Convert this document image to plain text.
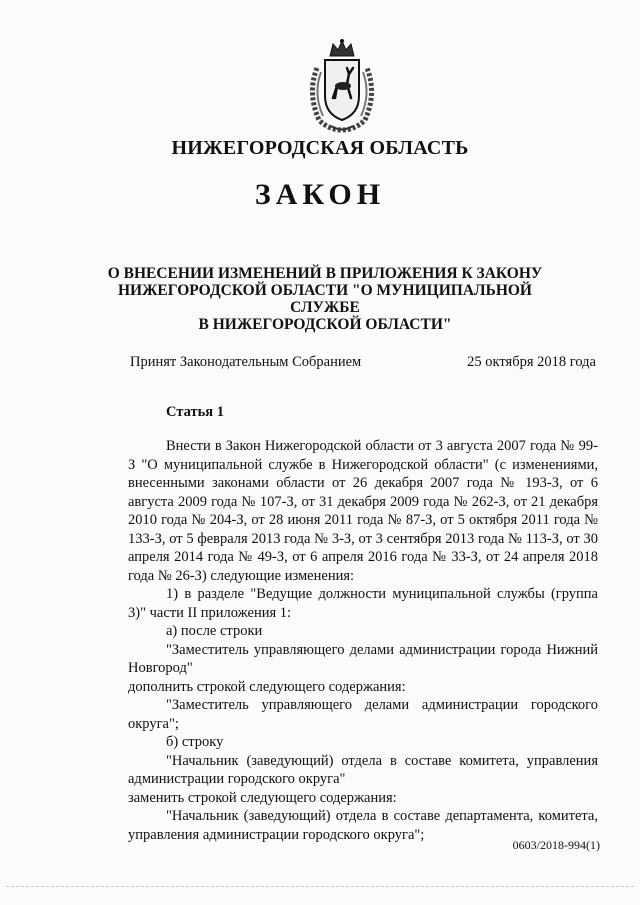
НИЖЕГОРОДСКАЯ ОБЛАСТЬ
ЗАКОН
О ВНЕСЕНИИ ИЗМЕНЕНИЙ В ПРИЛОЖЕНИЯ К ЗАКОНУ
НИЖЕГОРОДСКОЙ ОБЛАСТИ "О МУНИЦИПАЛЬНОЙ СЛУЖБЕ
В НИЖЕГОРОДСКОЙ ОБЛАСТИ"
Принят Законодательным Собранием	25 октября 2018 года
Статья 1

Внести в Закон Нижегородской области от 3 августа 2007 года № 99-З "О муниципальной службе в Нижегородской области" (с изменениями, внесенными законами области от 26 декабря 2007 года № 193-З, от 6 августа 2009 года № 107-З, от 31 декабря 2009 года № 262-З, от 21 декабря 2010 года № 204-З, от 28 июня 2011 года № 87-З, от 5 октября 2011 года № 133-З, от 5 февраля 2013 года № 3-З, от 3 сентября 2013 года № 113-З, от 30 апреля 2014 года № 49-З, от 6 апреля 2016 года № 33-З, от 24 апреля 2018 года № 26-З) следующие изменения:

1) в разделе "Ведущие должности муниципальной службы (группа 3)" части II приложения 1:

а) после строки

"Заместитель управляющего делами администрации города Нижний Новгород"

дополнить строкой следующего содержания:

"Заместитель управляющего делами администрации городского округа";

б) строку

"Начальник (заведующий) отдела в составе комитета, управления администрации городского округа"

заменить строкой следующего содержания:

"Начальник (заведующий) отдела в составе департамента, комитета, управления администрации городского округа";

0603/2018-994(1)
